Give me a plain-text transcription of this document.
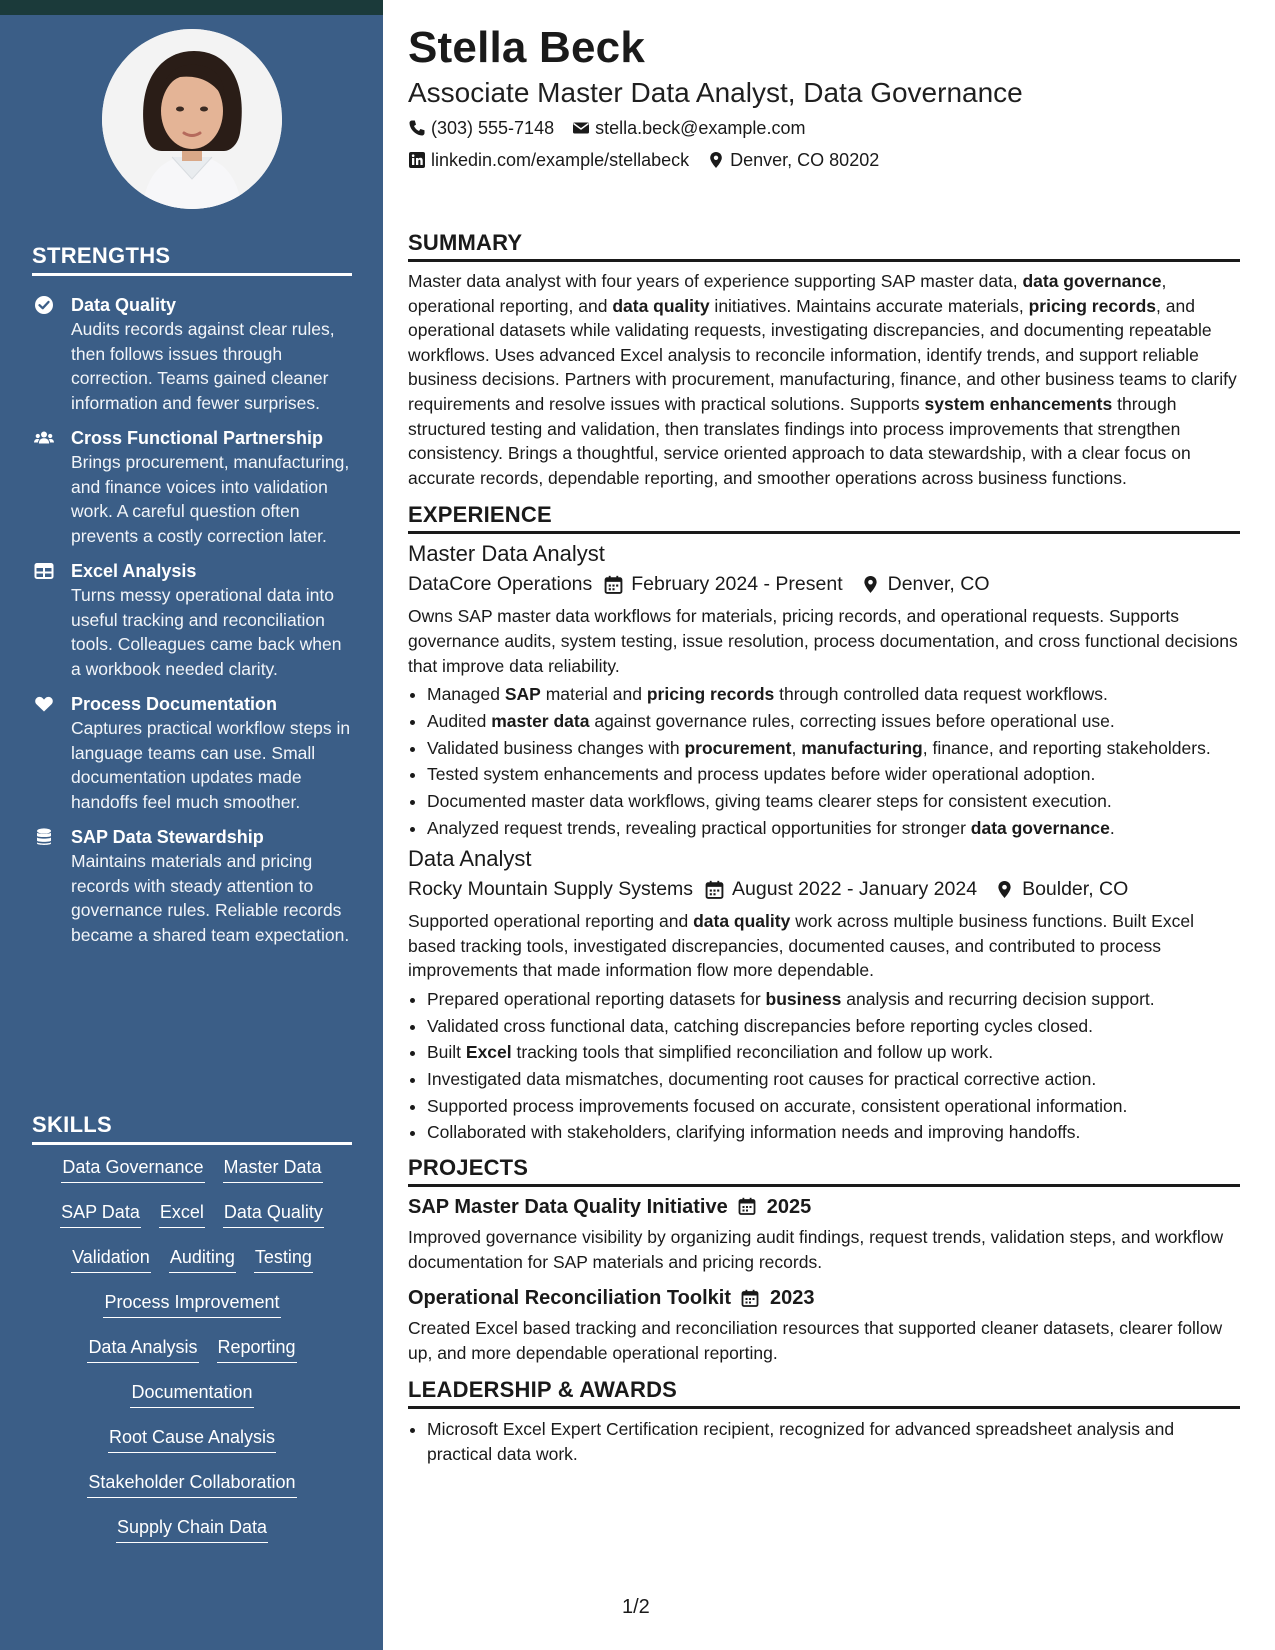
STRENGTHS
Data Quality
Audits records against clear rules, then follows issues through correction. Teams gained cleaner information and fewer surprises.
Cross Functional Partnership
Brings procurement, manufacturing, and finance voices into validation work. A careful question often prevents a costly correction later.
Excel Analysis
Turns messy operational data into useful tracking and reconciliation tools. Colleagues came back when a workbook needed clarity.
Process Documentation
Captures practical workflow steps in language teams can use. Small documentation updates made handoffs feel much smoother.
SAP Data Stewardship
Maintains materials and pricing records with steady attention to governance rules. Reliable records became a shared team expectation.
SKILLS
Data Governance Master Data
SAP Data Excel Data Quality
Validation Auditing Testing
Process Improvement
Data Analysis Reporting
Documentation
Root Cause Analysis
Stakeholder Collaboration
Supply Chain Data
Stella Beck
Associate Master Data Analyst, Data Governance
(303) 555-7148 stella.beck@example.com
linkedin.com/example/stellabeck Denver, CO 80202
SUMMARY

Master data analyst with four years of experience supporting SAP master data, data governance, operational reporting, and data quality initiatives. Maintains accurate materials, pricing records, and operational datasets while validating requests, investigating discrepancies, and documenting repeatable workflows. Uses advanced Excel analysis to reconcile information, identify trends, and support reliable business decisions. Partners with procurement, manufacturing, finance, and other business teams to clarify requirements and resolve issues with practical solutions. Supports system enhancements through structured testing and validation, then translates findings into process improvements that strengthen consistency. Brings a thoughtful, service oriented approach to data stewardship, with a clear focus on accurate records, dependable reporting, and smoother operations across business functions.

EXPERIENCE
Master Data Analyst
DataCore Operations February 2024 - Present Denver, CO

Owns SAP master data workflows for materials, pricing records, and operational requests. Supports governance audits, system testing, issue resolution, process documentation, and cross functional decisions that improve data reliability.

• Managed SAP material and pricing records through controlled data request workflows.
• Audited master data against governance rules, correcting issues before operational use.
• Validated business changes with procurement, manufacturing, finance, and reporting stakeholders.
• Tested system enhancements and process updates before wider operational adoption.
• Documented master data workflows, giving teams clearer steps for consistent execution.
• Analyzed request trends, revealing practical opportunities for stronger data governance.
Data Analyst
Rocky Mountain Supply Systems August 2022 - January 2024 Boulder, CO

Supported operational reporting and data quality work across multiple business functions. Built Excel based tracking tools, investigated discrepancies, documented causes, and contributed to process improvements that made information flow more dependable.

• Prepared operational reporting datasets for business analysis and recurring decision support.
• Validated cross functional data, catching discrepancies before reporting cycles closed.
• Built Excel tracking tools that simplified reconciliation and follow up work.
• Investigated data mismatches, documenting root causes for practical corrective action.
• Supported process improvements focused on accurate, consistent operational information.
• Collaborated with stakeholders, clarifying information needs and improving handoffs.
PROJECTS
SAP Master Data Quality Initiative 2025

Improved governance visibility by organizing audit findings, request trends, validation steps, and workflow documentation for SAP materials and pricing records.

Operational Reconciliation Toolkit 2023

Created Excel based tracking and reconciliation resources that supported cleaner datasets, clearer follow up, and more dependable operational reporting.

LEADERSHIP & AWARDS
• Microsoft Excel Expert Certification recipient, recognized for advanced spreadsheet analysis and practical data work.
1/2
